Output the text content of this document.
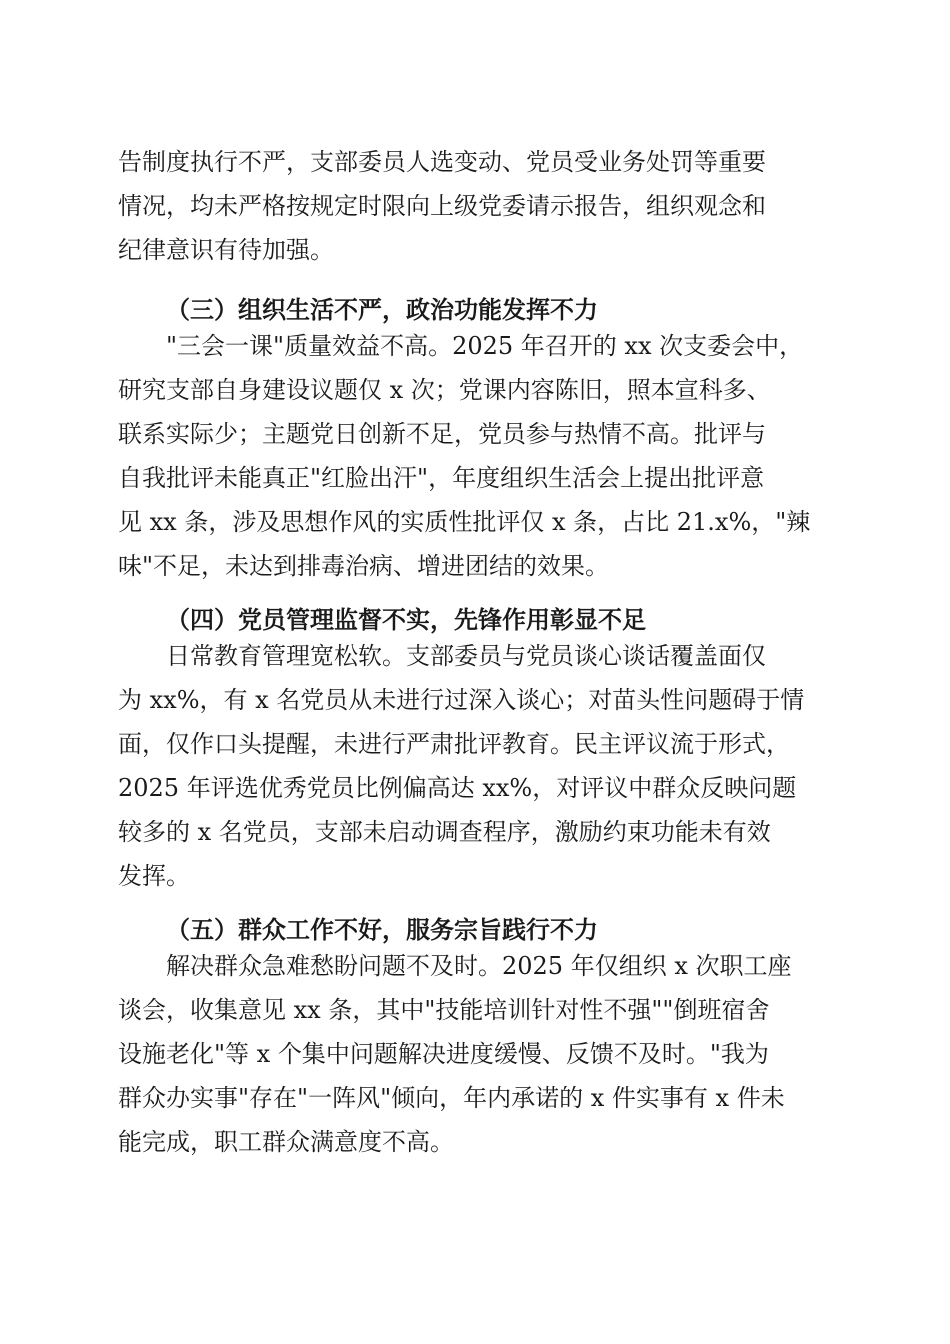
告制度执行不严，支部委员人选变动、党员受业务处罚等重要
情况，均未严格按规定时限向上级党委请示报告，组织观念和
纪律意识有待加强。
（三）组织生活不严，政治功能发挥不力
"三会一课"质量效益不高。2025 年召开的 xx 次支委会中，
研究支部自身建设议题仅 x 次；党课内容陈旧，照本宣科多、
联系实际少；主题党日创新不足，党员参与热情不高。批评与
自我批评未能真正"红脸出汗"，年度组织生活会上提出批评意
见 xx 条，涉及思想作风的实质性批评仅 x 条，占比 21.x%，"辣
味"不足，未达到排毒治病、增进团结的效果。
（四）党员管理监督不实，先锋作用彰显不足
日常教育管理宽松软。支部委员与党员谈心谈话覆盖面仅
为 xx%，有 x 名党员从未进行过深入谈心；对苗头性问题碍于情
面，仅作口头提醒，未进行严肃批评教育。民主评议流于形式，
2025 年评选优秀党员比例偏高达 xx%，对评议中群众反映问题
较多的 x 名党员，支部未启动调查程序，激励约束功能未有效
发挥。
（五）群众工作不好，服务宗旨践行不力
解决群众急难愁盼问题不及时。2025 年仅组织 x 次职工座
谈会，收集意见 xx 条，其中"技能培训针对性不强""倒班宿舍
设施老化"等 x 个集中问题解决进度缓慢、反馈不及时。"我为
群众办实事"存在"一阵风"倾向，年内承诺的 x 件实事有 x 件未
能完成，职工群众满意度不高。
